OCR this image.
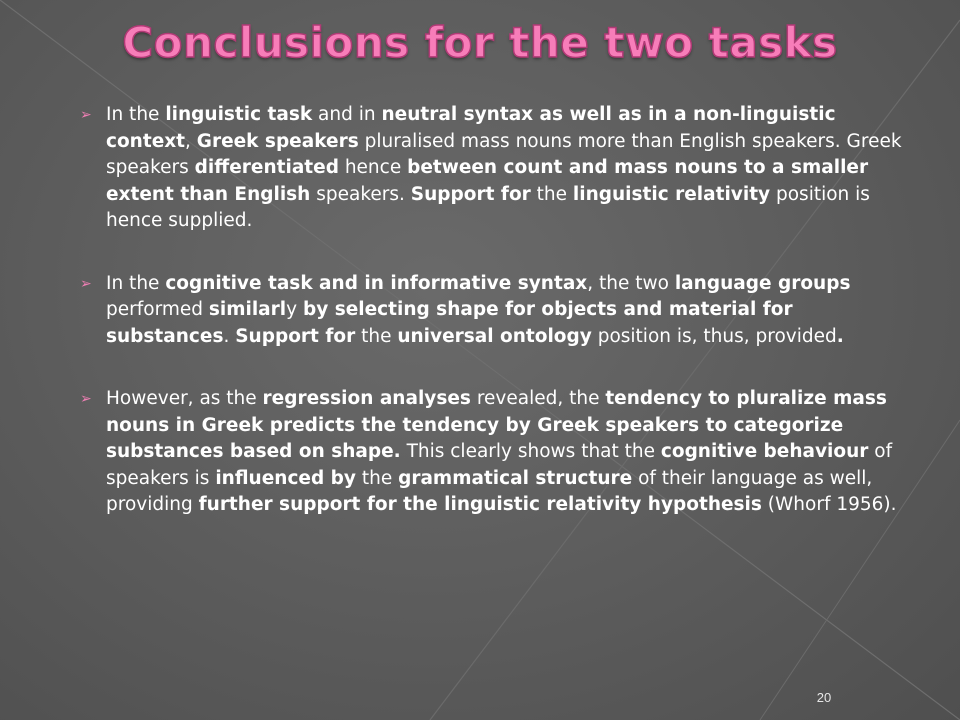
Conclusions for the two tasks
➢ In the linguistic task and in neutral syntax as well as in a non-linguistic context, Greek speakers pluralised mass nouns more than English speakers. Greek speakers differentiated hence between count and mass nouns to a smaller extent than English speakers. Support for the linguistic relativity position is hence supplied.
➢ In the cognitive task and in informative syntax, the two language groups performed similarly by selecting shape for objects and material for substances. Support for the universal ontology position is, thus, provided.
➢ However, as the regression analyses revealed, the tendency to pluralize mass nouns in Greek predicts the tendency by Greek speakers to categorize substances based on shape. This clearly shows that the cognitive behaviour of speakers is influenced by the grammatical structure of their language as well, providing further support for the linguistic relativity hypothesis (Whorf 1956).
20
